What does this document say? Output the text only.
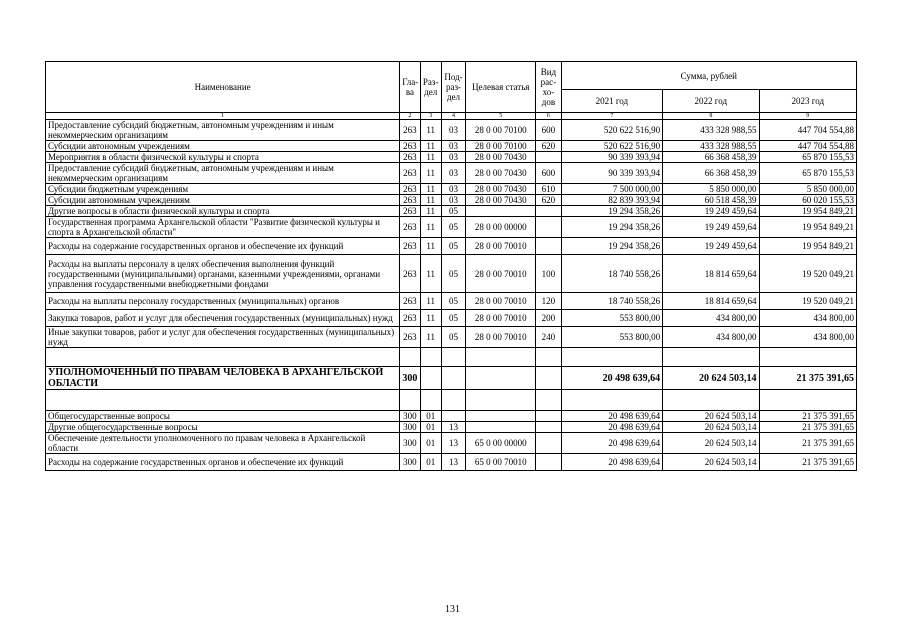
Наименование	Гла-ва	Раз-дел	Под-раз-дел	Целевая статья	Вид рас-хо-дов	Сумма, рублей		
						2021 год	2022 год	2023 год
1	2	3	4	5	6	7	8	9
Предоставление субсидий бюджетным, автономным учреждениям и иным некоммерческим организациям	263	11	03	28 0 00 70100	600	520 622 516,90	433 328 988,55	447 704 554,88
Субсидии автономным учреждениям	263	11	03	28 0 00 70100	620	520 622 516,90	433 328 988,55	447 704 554,88
Мероприятия в области физической культуры и спорта	263	11	03	28 0 00 70430		90 339 393,94	66 368 458,39	65 870 155,53
Предоставление субсидий бюджетным, автономным учреждениям и иным некоммерческим организациям	263	11	03	28 0 00 70430	600	90 339 393,94	66 368 458,39	65 870 155,53
Субсидии бюджетным учреждениям	263	11	03	28 0 00 70430	610	7 500 000,00	5 850 000,00	5 850 000,00
Субсидии автономным учреждениям	263	11	03	28 0 00 70430	620	82 839 393,94	60 518 458,39	60 020 155,53
Другие вопросы в области физической культуры и спорта	263	11	05			19 294 358,26	19 249 459,64	19 954 849,21
Государственная программа Архангельской области "Развитие физической культуры и спорта в Архангельской области"	263	11	05	28 0 00 00000		19 294 358,26	19 249 459,64	19 954 849,21
Расходы на содержание государственных органов и обеспечение их функций	263	11	05	28 0 00 70010		19 294 358,26	19 249 459,64	19 954 849,21
Расходы на выплаты персоналу в целях обеспечения выполнения функций государственными (муниципальными) органами, казенными учреждениями, органами управления государственными внебюджетными фондами	263	11	05	28 0 00 70010	100	18 740 558,26	18 814 659,64	19 520 049,21
Расходы на выплаты персоналу государственных (муниципальных) органов	263	11	05	28 0 00 70010	120	18 740 558,26	18 814 659,64	19 520 049,21
Закупка товаров, работ и услуг для обеспечения государственных (муниципальных) нужд	263	11	05	28 0 00 70010	200	553 800,00	434 800,00	434 800,00
Иные закупки товаров, работ и услуг для обеспечения государственных (муниципальных) нужд	263	11	05	28 0 00 70010	240	553 800,00	434 800,00	434 800,00

УПОЛНОМОЧЕННЫЙ ПО ПРАВАМ ЧЕЛОВЕКА В АРХАНГЕЛЬСКОЙ ОБЛАСТИ	300					20 498 639,64	20 624 503,14	21 375 391,65

Общегосударственные вопросы	300	01				20 498 639,64	20 624 503,14	21 375 391,65
Другие общегосударственные вопросы	300	01	13			20 498 639,64	20 624 503,14	21 375 391,65
Обеспечение деятельности уполномоченного по правам человека в Архангельской области	300	01	13	65 0 00 00000		20 498 639,64	20 624 503,14	21 375 391,65
Расходы на содержание государственных органов и обеспечение их функций	300	01	13	65 0 00 70010		20 498 639,64	20 624 503,14	21 375 391,65
131
